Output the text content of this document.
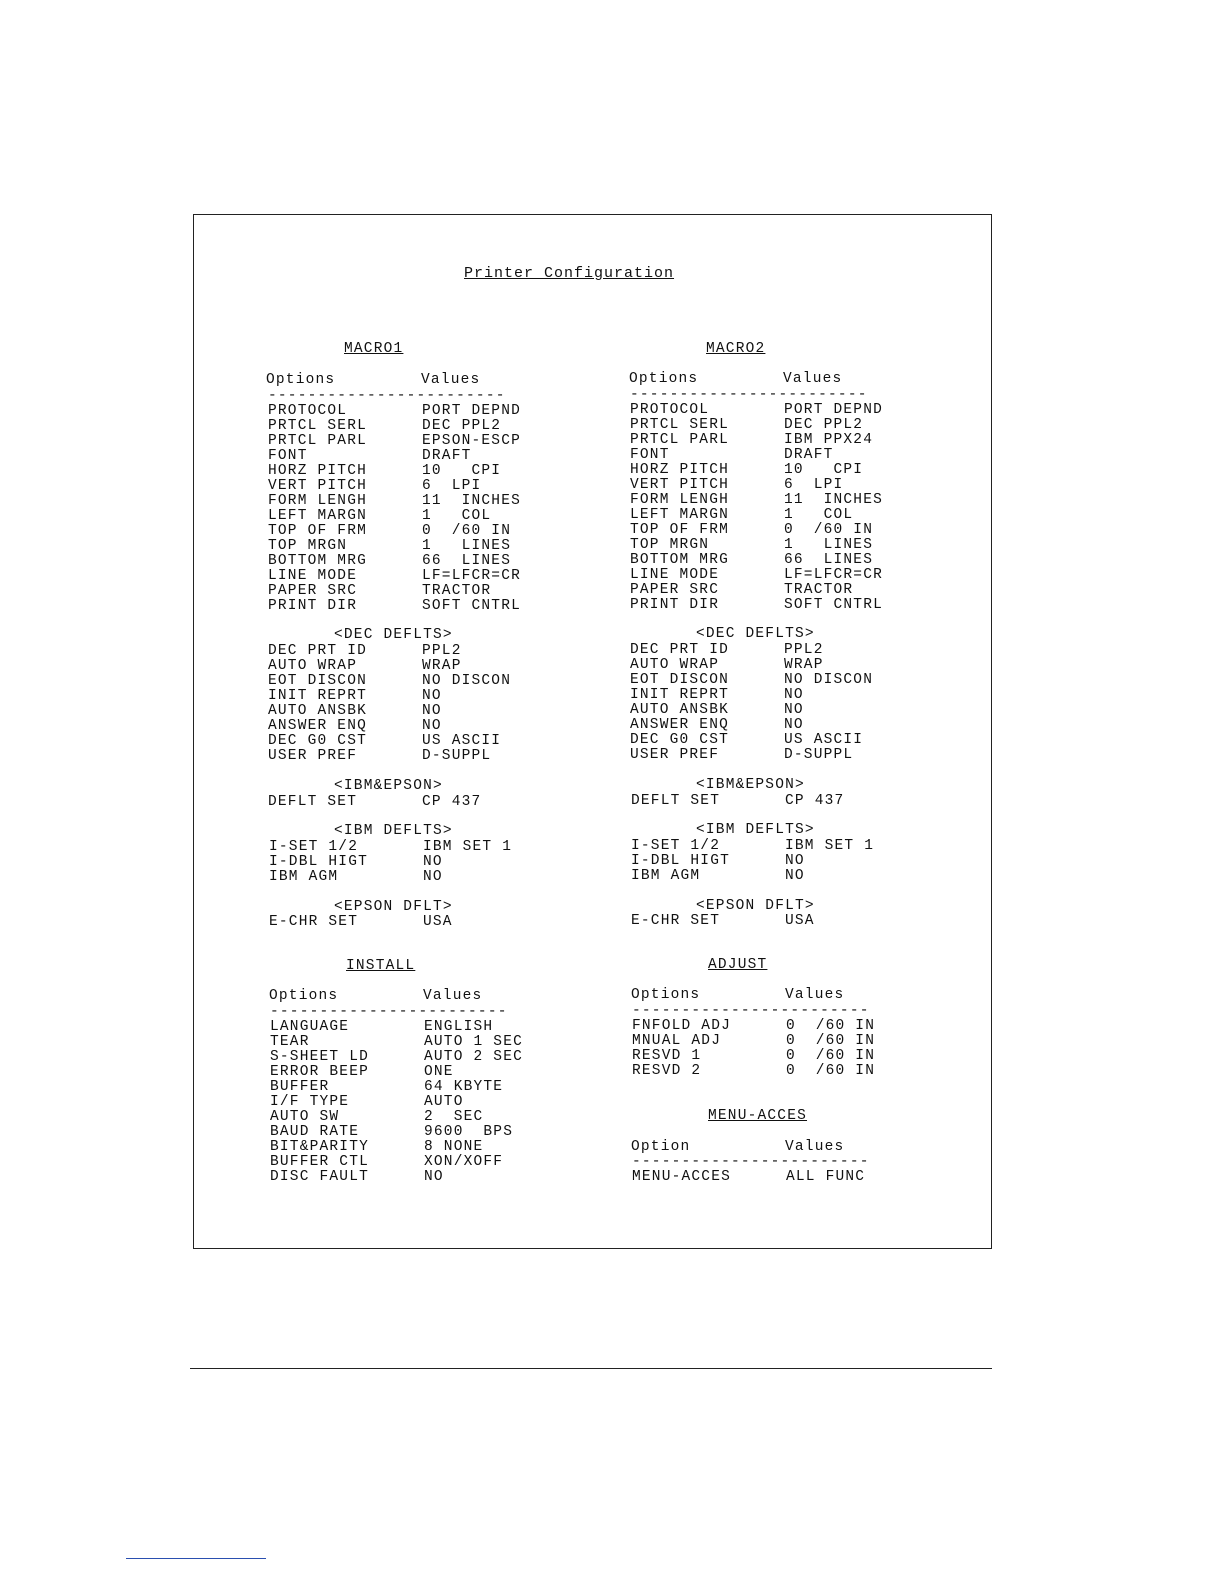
Printer Configuration
MACRO1
Options	Values
------------------------
PROTOCOL	PORT DEPND
PRTCL SERL	DEC PPL2
PRTCL PARL	EPSON-ESCP
FONT	DRAFT
HORZ PITCH	10   CPI
VERT PITCH	6  LPI
FORM LENGH	11  INCHES
LEFT MARGN	1   COL
TOP OF FRM	0  /60 IN
TOP MRGN	1   LINES
BOTTOM MRG	66  LINES
LINE MODE	LF=LFCR=CR
PAPER SRC	TRACTOR
PRINT DIR	SOFT CNTRL
<DEC DEFLTS>
DEC PRT ID	PPL2
AUTO WRAP	WRAP
EOT DISCON	NO DISCON
INIT REPRT	NO
AUTO ANSBK	NO
ANSWER ENQ	NO
DEC G0 CST	US ASCII
USER PREF	D-SUPPL
<IBM&EPSON>
DEFLT SET	CP 437
<IBM DEFLTS>
I-SET 1/2	IBM SET 1
I-DBL HIGT	NO
IBM AGM	NO
<EPSON DFLT>
E-CHR SET	USA
INSTALL
Options	Values
------------------------
LANGUAGE	ENGLISH
TEAR	AUTO 1 SEC
S-SHEET LD	AUTO 2 SEC
ERROR BEEP	ONE
BUFFER	64 KBYTE
I/F TYPE	AUTO
AUTO SW	2  SEC
BAUD RATE	9600  BPS
BIT&PARITY	8 NONE
BUFFER CTL	XON/XOFF
DISC FAULT	NO
MACRO2
Options	Values
------------------------
PROTOCOL	PORT DEPND
PRTCL SERL	DEC PPL2
PRTCL PARL	IBM PPX24
FONT	DRAFT
HORZ PITCH	10   CPI
VERT PITCH	6  LPI
FORM LENGH	11  INCHES
LEFT MARGN	1   COL
TOP OF FRM	0  /60 IN
TOP MRGN	1   LINES
BOTTOM MRG	66  LINES
LINE MODE	LF=LFCR=CR
PAPER SRC	TRACTOR
PRINT DIR	SOFT CNTRL
<DEC DEFLTS>
DEC PRT ID	PPL2
AUTO WRAP	WRAP
EOT DISCON	NO DISCON
INIT REPRT	NO
AUTO ANSBK	NO
ANSWER ENQ	NO
DEC G0 CST	US ASCII
USER PREF	D-SUPPL
<IBM&EPSON>
DEFLT SET	CP 437
<IBM DEFLTS>
I-SET 1/2	IBM SET 1
I-DBL HIGT	NO
IBM AGM	NO
<EPSON DFLT>
E-CHR SET	USA
ADJUST
Options	Values
------------------------
FNFOLD ADJ	0  /60 IN
MNUAL ADJ	0  /60 IN
RESVD 1	0  /60 IN
RESVD 2	0  /60 IN
MENU-ACCES
Option	Values
------------------------
MENU-ACCES	ALL FUNC
